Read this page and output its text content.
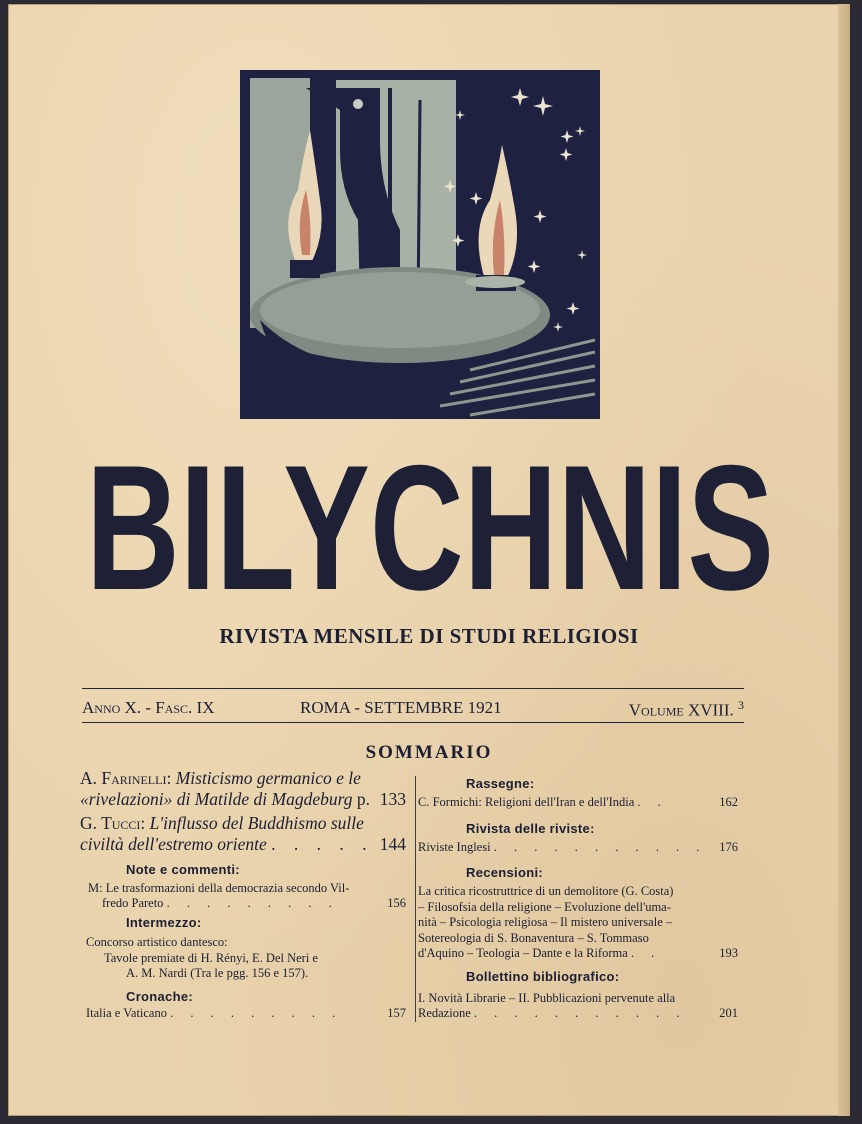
BILYCHNIS
RIVISTA MENSILE DI STUDI RELIGIOSI
Anno X. - Fasc. IX	ROMA - SETTEMBRE 1921	Volume XVIII. $^3$
SOMMARIO
A. Farinelli: Misticismo germanico e le
«rivelazioni» di Matilde di Magdeburg p. 133
G. Tucci: L'influsso del Buddhismo sulle
civiltà dell'estremo oriente . . . . . 144
Note e commenti:
M: Le trasformazioni della democrazia secondo Vil-
fredo Pareto . . . . . . . . .	156
Intermezzo:
Concorso artistico dantesco:
Tavole premiate di H. Rényi, E. Del Neri e
A. M. Nardi (Tra le pgg. 156 e 157).
Cronache:
Italia e Vaticano . . . . . . . . .	157
Rassegne:
C. Formichi: Religioni dell'Iran e dell'India . .	162
Rivista delle riviste:
Riviste Inglesi . . . . . . . . . . . 176
Recensioni:
La critica ricostruttrice di un demolitore (G. Costa)
– Filosofsia della religione – Evoluzione dell'uma-
nità – Psicologia religiosa – Il mistero universale –
Sotereologia di S. Bonaventura – S. Tommaso
d'Aquino – Teologia – Dante e la Riforma . .	193
Bollettino bibliografico:
I. Novità Librarie – II. Pubblicazioni pervenute alla
Redazione . . . . . . . . . . .	201
